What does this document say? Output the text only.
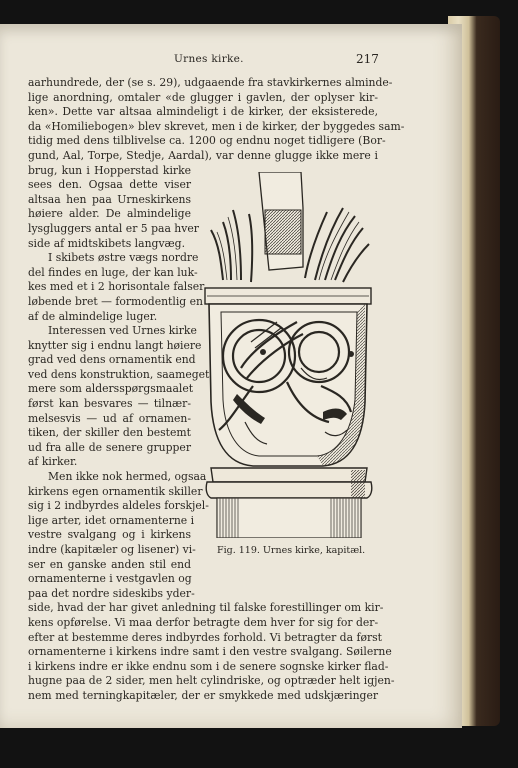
Urnes kirke.	217
aarhundrede, der (se s. 29), udgaaende fra stavkirkernes alminde-
lige anordning, omtaler «de glugger i gavlen, der oplyser kir-
ken». Dette var altsaa almindeligt i de kirker, der eksisterede,
da «Homiliebogen» blev skrevet, men i de kirker, der byggedes sam-
tidig med dens tilblivelse ca. 1200 og endnu noget tidligere (Bor-
gund, Aal, Torpe, Stedje, Aardal), var denne glugge ikke mere i
brug, kun i Hopperstad kirke
sees den. Ogsaa dette viser
altsaa hen paa Urneskirkens
høiere alder. De almindelige
lysgluggers antal er 5 paa hver
side af midtskibets langvæg.
I skibets østre vægs nordre
del findes en luge, der kan luk-
kes med et i 2 horisontale falser
løbende bret — formodentlig en
af de almindelige luger.
Interessen ved Urnes kirke
knytter sig i endnu langt høiere
grad ved dens ornamentik end
ved dens konstruktion, saameget
mere som aldersspørgsmaalet
først kan besvares — tilnær-
melsesvis — ud af ornamen-
tiken, der skiller den bestemt
ud fra alle de senere grupper
af kirker.
Men ikke nok hermed, ogsaa
kirkens egen ornamentik skiller
sig i 2 indbyrdes aldeles forskjel-
lige arter, idet ornamenterne i
vestre svalgang og i kirkens
indre (kapitæler og lisener) vi-
ser en ganske anden stil end
ornamenterne i vestgavlen og
paa det nordre sideskibs yder-
side, hvad der har givet anledning til falske forestillinger om kir-
kens opførelse. Vi maa derfor betragte dem hver for sig for der-
efter at bestemme deres indbyrdes forhold. Vi betragter da først
ornamenterne i kirkens indre samt i den vestre svalgang. Søilerne
i kirkens indre er ikke endnu som i de senere sognske kirker flad-
hugne paa de 2 sider, men helt cylindriske, og optræder helt igjen-
nem med terningkapitæler, der er smykkede med udskjæringer
Fig. 119. Urnes kirke, kapitæl.
